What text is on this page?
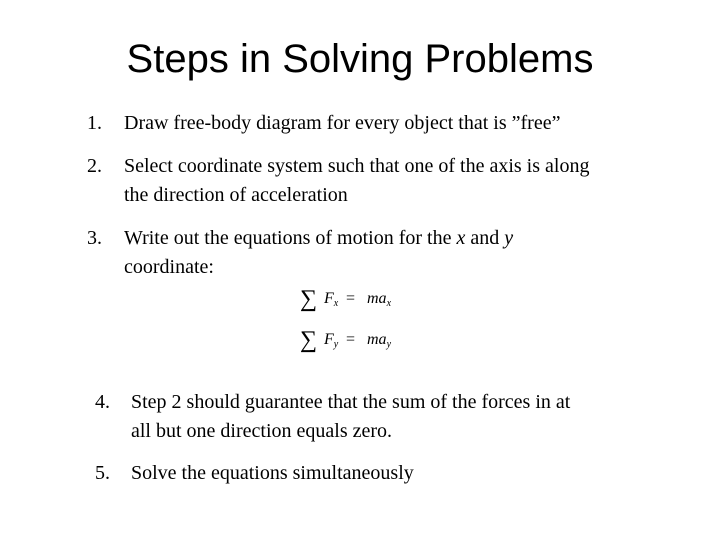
Steps in Solving Problems
1. Draw free-body diagram for every object that is ”free”
2. Select coordinate system such that one of the axis is along
the direction of acceleration
3. Write out the equations of motion for the x and y
coordinate:
∑ $F_x = ma_x$
∑ $F_y = ma_y$
4. Step 2 should guarantee that the sum of the forces in at
all but one direction equals zero.
5. Solve the equations simultaneously
